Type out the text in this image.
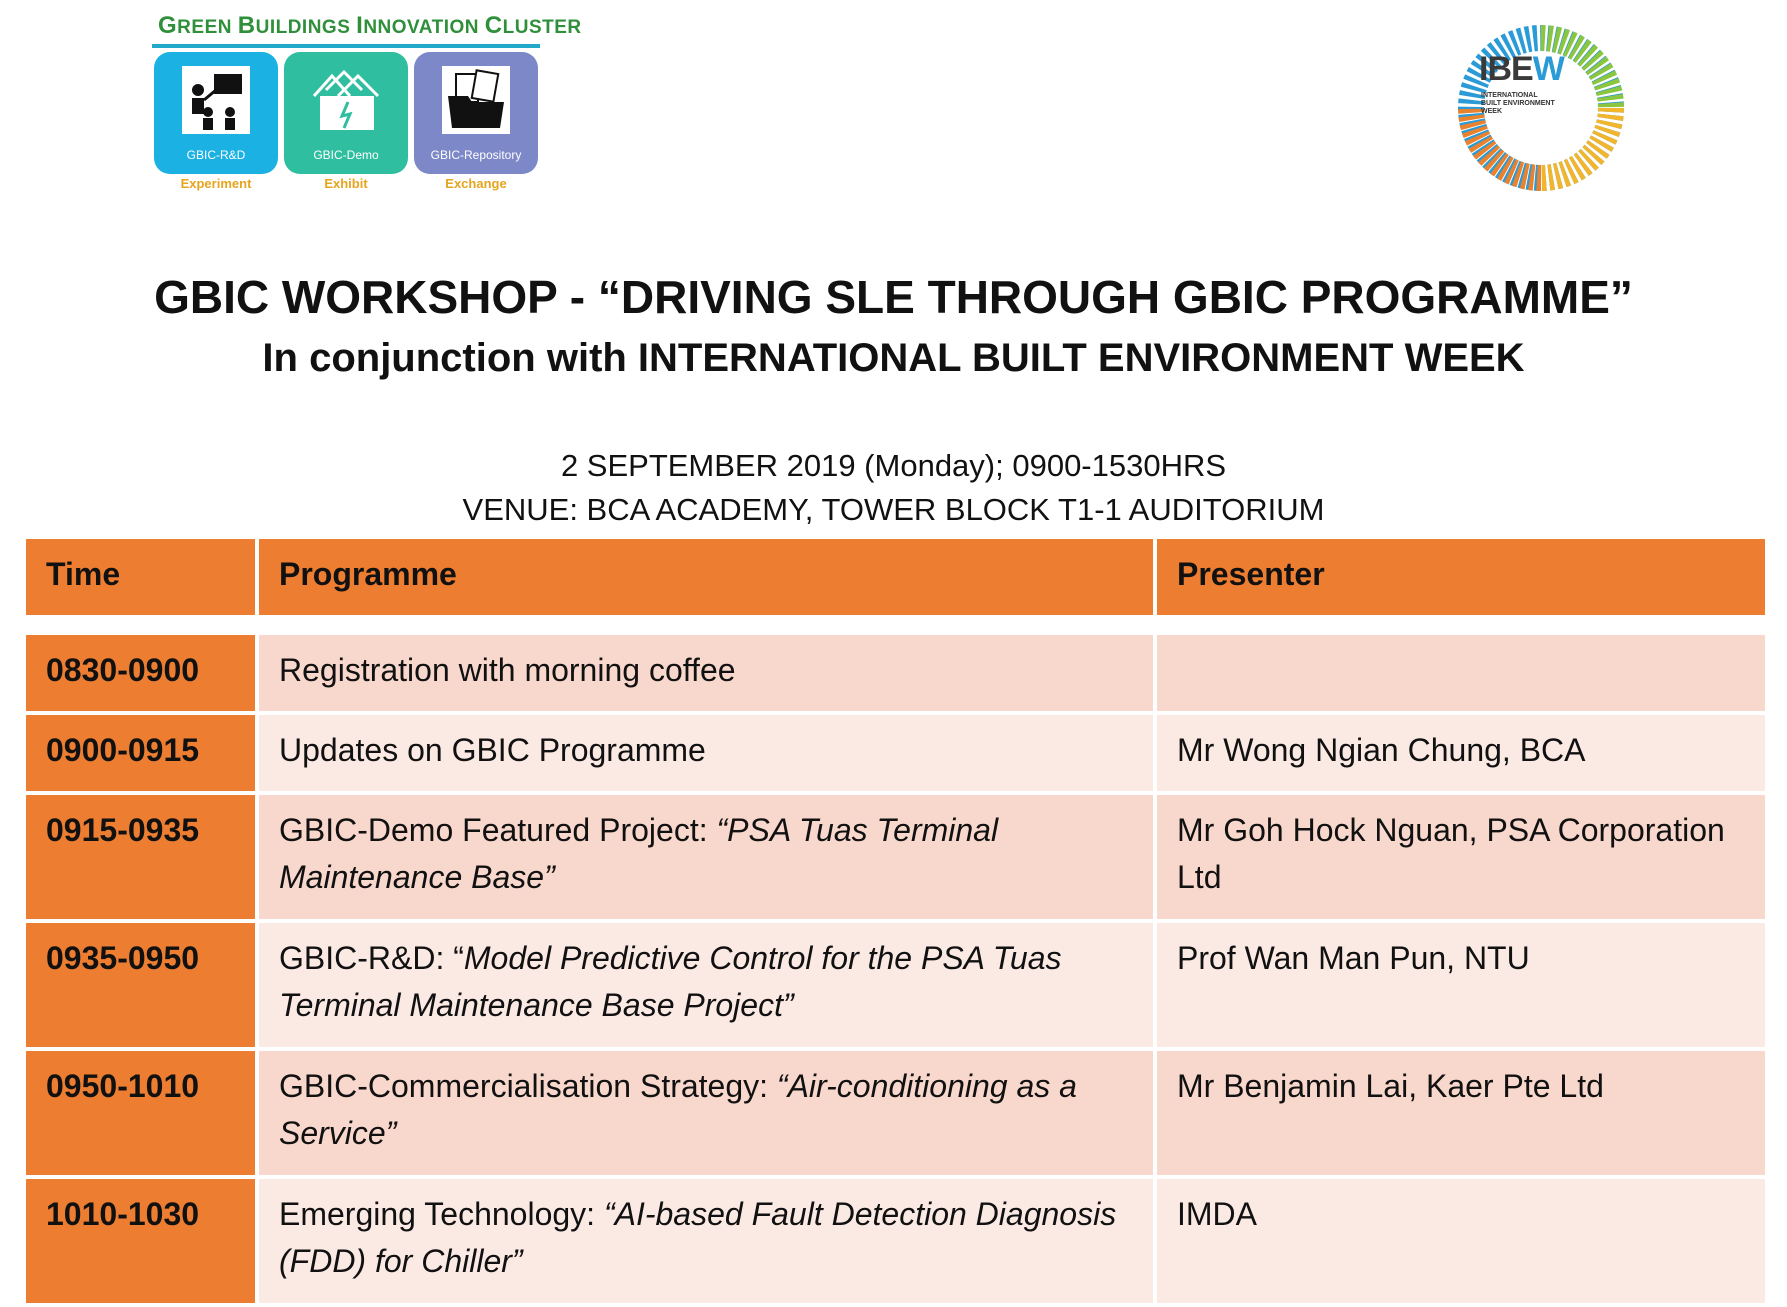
GREEN BUILDINGS INNOVATION CLUSTER
GBIC-R&D
Experiment
GBIC-Demo
Exhibit
GBIC-Repository
Exchange
IBEW
INTERNATIONAL
BUILT ENVIRONMENT
WEEK
GBIC WORKSHOP - “DRIVING SLE THROUGH GBIC PROGRAMME”
In conjunction with INTERNATIONAL BUILT ENVIRONMENT WEEK
2 SEPTEMBER 2019 (Monday); 0900-1530HRS
VENUE: BCA ACADEMY, TOWER BLOCK T1-1 AUDITORIUM
Time	Programme	Presenter

0830-0900	Registration with morning coffee	
0900-0915	Updates on GBIC Programme	Mr Wong Ngian Chung, BCA
0915-0935	GBIC-Demo Featured Project: “PSA Tuas Terminal Maintenance Base”	Mr Goh Hock Nguan, PSA Corporation Ltd
0935-0950	GBIC-R&D: “Model Predictive Control for the PSA Tuas Terminal Maintenance Base Project”	Prof Wan Man Pun, NTU
0950-1010	GBIC-Commercialisation Strategy: “Air-conditioning as a Service”	Mr Benjamin Lai, Kaer Pte Ltd
1010-1030	Emerging Technology: “AI-based Fault Detection Diagnosis (FDD) for Chiller”	IMDA
